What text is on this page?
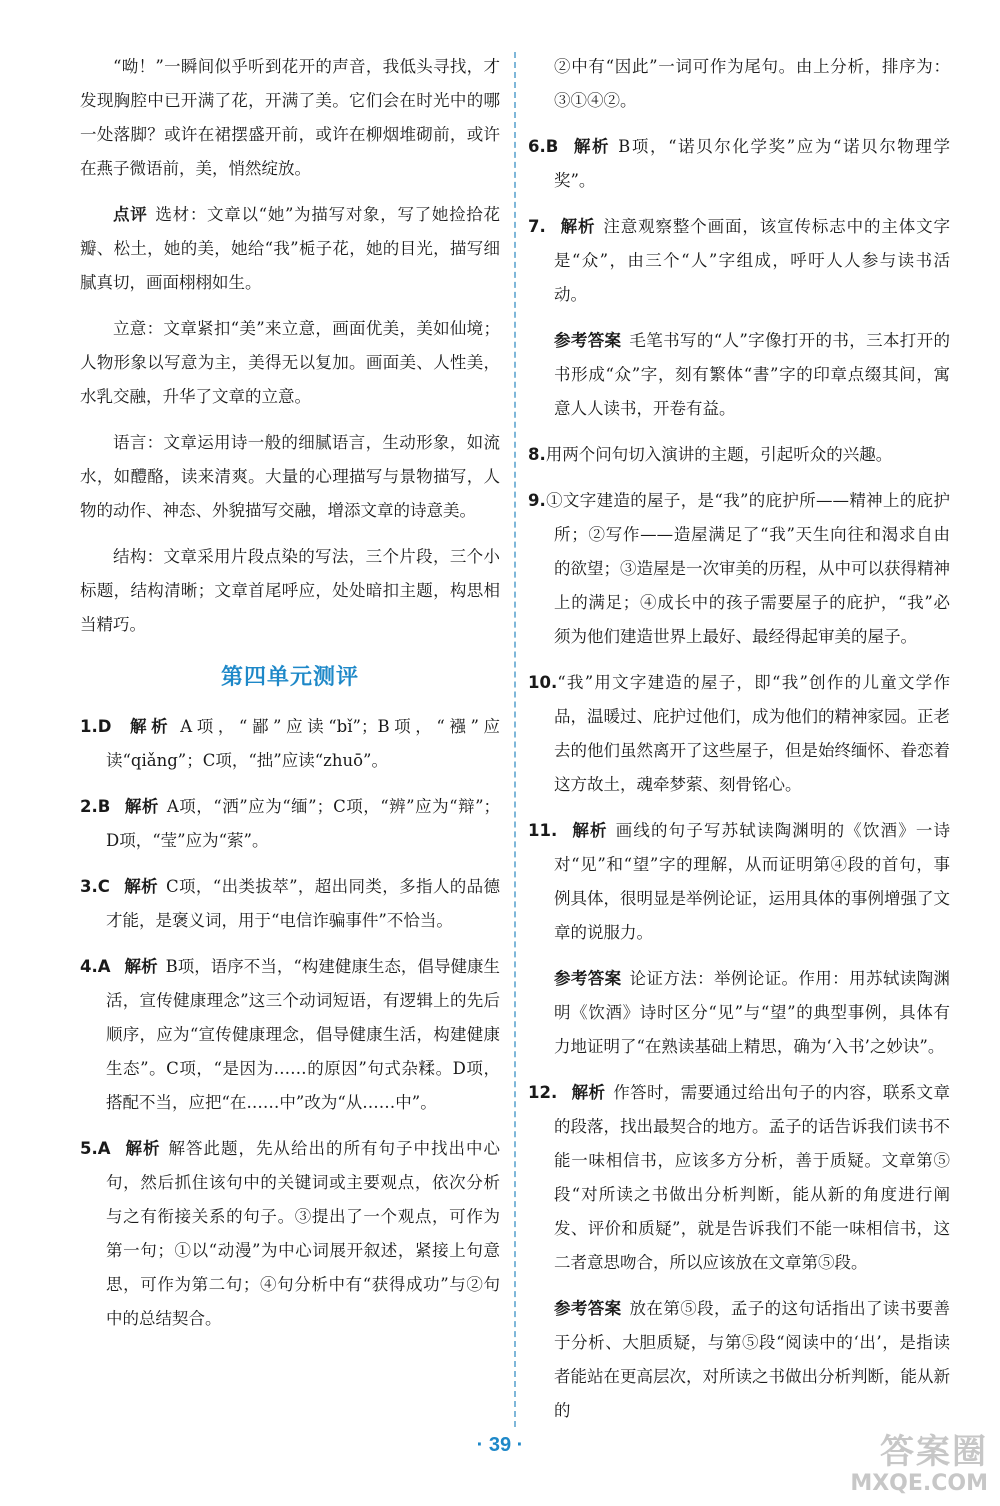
“呦！”一瞬间似乎听到花开的声音，我低头寻找，才发现胸腔中已开满了花，开满了美。它们会在时光中的哪一处落脚？或许在裙摆盛开前，或许在柳烟堆砌前，或许在燕子微语前，美，悄然绽放。

点评 选材：文章以“她”为描写对象，写了她捡拾花瓣、松土，她的美，她给“我”栀子花，她的目光，描写细腻真切，画面栩栩如生。

立意：文章紧扣“美”来立意，画面优美，美如仙境；人物形象以写意为主，美得无以复加。画面美、人性美，水乳交融，升华了文章的立意。

语言：文章运用诗一般的细腻语言，生动形象，如流水，如醴酪，读来清爽。大量的心理描写与景物描写，人物的动作、神态、外貌描写交融，增添文章的诗意美。

结构：文章采用片段点染的写法，三个片段，三个小标题，结构清晰；文章首尾呼应，处处暗扣主题，构思相当精巧。

第四单元测评

1.D 解析 A项，“鄙”应读“bǐ”；B项，“襁”应读“qiǎng”；C项，“拙”应读“zhuō”。

2.B 解析 A项，“洒”应为“缅”；C项，“辨”应为“辩”；D项，“莹”应为“萦”。

3.C 解析 C项，“出类拔萃”，超出同类，多指人的品德才能，是褒义词，用于“电信诈骗事件”不恰当。

4.A 解析 B项，语序不当，“构建健康生态，倡导健康生活，宣传健康理念”这三个动词短语，有逻辑上的先后顺序，应为“宣传健康理念，倡导健康生活，构建健康生态”。C项，“是因为……的原因”句式杂糅。D项，搭配不当，应把“在……中”改为“从……中”。

5.A 解析 解答此题，先从给出的所有句子中找出中心句，然后抓住该句中的关键词或主要观点，依次分析与之有衔接关系的句子。③提出了一个观点，可作为第一句；①以“动漫”为中心词展开叙述，紧接上句意思，可作为第二句；④句分析中有“获得成功”与②句中的总结契合。

②中有“因此”一词可作为尾句。由上分析，排序为：③①④②。

6.B 解析 B项，“诺贝尔化学奖”应为“诺贝尔物理学奖”。

7. 解析 注意观察整个画面，该宣传标志中的主体文字是“众”，由三个“人”字组成，呼吁人人参与读书活动。

参考答案 毛笔书写的“人”字像打开的书，三本打开的书形成“众”字，刻有繁体“書”字的印章点缀其间，寓意人人读书，开卷有益。

8.用两个问句切入演讲的主题，引起听众的兴趣。

9.①文字建造的屋子，是“我”的庇护所——精神上的庇护所；②写作——造屋满足了“我”天生向往和渴求自由的欲望；③造屋是一次审美的历程，从中可以获得精神上的满足；④成长中的孩子需要屋子的庇护，“我”必须为他们建造世界上最好、最经得起审美的屋子。

10.“我”用文字建造的屋子，即“我”创作的儿童文学作品，温暖过、庇护过他们，成为他们的精神家园。正老去的他们虽然离开了这些屋子，但是始终缅怀、眷恋着这方故土，魂牵梦萦、刻骨铭心。

11. 解析 画线的句子写苏轼读陶渊明的《饮酒》一诗对“见”和“望”字的理解，从而证明第④段的首句，事例具体，很明显是举例论证，运用具体的事例增强了文章的说服力。

参考答案 论证方法：举例论证。作用：用苏轼读陶渊明《饮酒》诗时区分“见”与“望”的典型事例，具体有力地证明了“在熟读基础上精思，确为‘入书’之妙诀”。

12. 解析 作答时，需要通过给出句子的内容，联系文章的段落，找出最契合的地方。孟子的话告诉我们读书不能一味相信书，应该多方分析，善于质疑。文章第⑤段“对所读之书做出分析判断，能从新的角度进行阐发、评价和质疑”，就是告诉我们不能一味相信书，这二者意思吻合，所以应该放在文章第⑤段。

参考答案 放在第⑤段，孟子的这句话指出了读书要善于分析、大胆质疑，与第⑤段“阅读中的‘出’，是指读者能站在更高层次，对所读之书做出分析判断，能从新的

· 39 ·	答案圈
MXQE.COM
